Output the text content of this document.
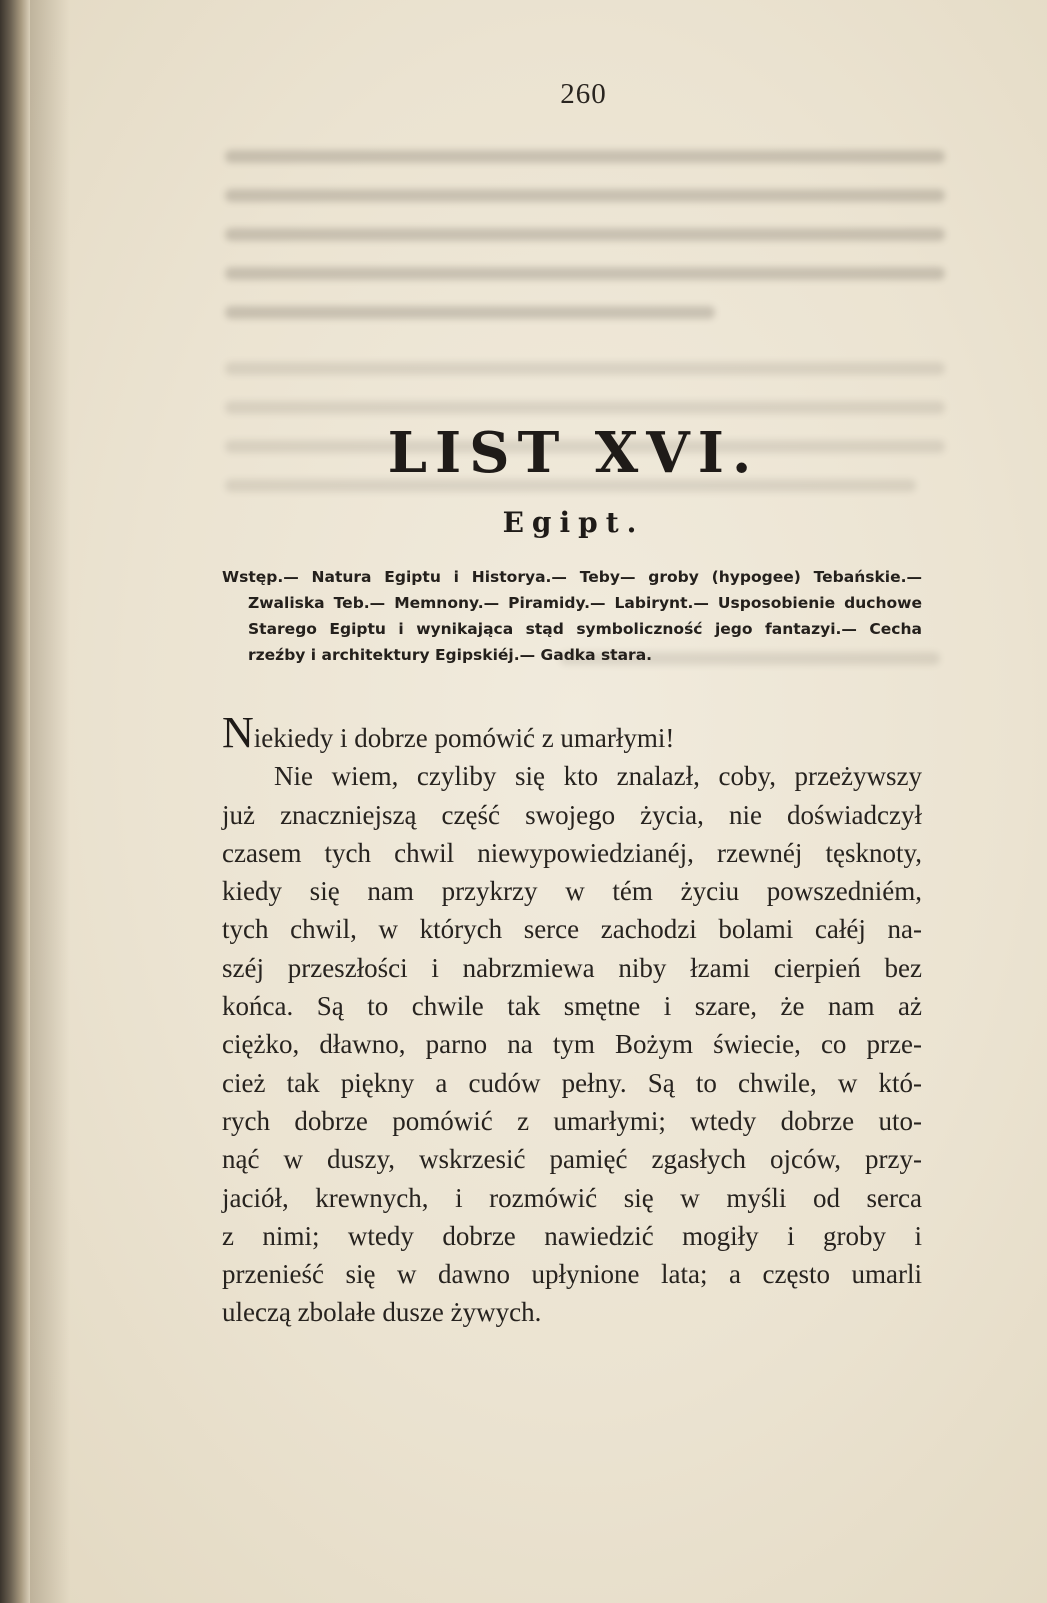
260
LIST XVI.
Egipt.
Wstęp.— Natura Egiptu i Historya.— Teby— groby (hypogee) Tebańskie.—
Zwaliska Teb.— Memnony.— Piramidy.— Labirynt.— Usposobienie duchowe
Starego Egiptu i wynikająca stąd symboliczność jego fantazyi.— Cecha
rzeźby i architektury Egipskiéj.— Gadka stara.
Niekiedy i dobrze pomówić z umarłymi!
Nie wiem, czyliby się kto znalazł, coby, przeżywszy
już znaczniejszą część swojego życia, nie doświadczył
czasem tych chwil niewypowiedzianéj, rzewnéj tęsknoty,
kiedy się nam przykrzy w tém życiu powszedniém,
tych chwil, w których serce zachodzi bolami całéj na-
széj przeszłości i nabrzmiewa niby łzami cierpień bez
końca. Są to chwile tak smętne i szare, że nam aż
ciężko, dławno, parno na tym Bożym świecie, co prze-
cież tak piękny a cudów pełny. Są to chwile, w któ-
rych dobrze pomówić z umarłymi; wtedy dobrze uto-
nąć w duszy, wskrzesić pamięć zgasłych ojców, przy-
jaciół, krewnych, i rozmówić się w myśli od serca
z nimi; wtedy dobrze nawiedzić mogiły i groby i
przenieść się w dawno upłynione lata; a często umarli
uleczą zbolałe dusze żywych.
